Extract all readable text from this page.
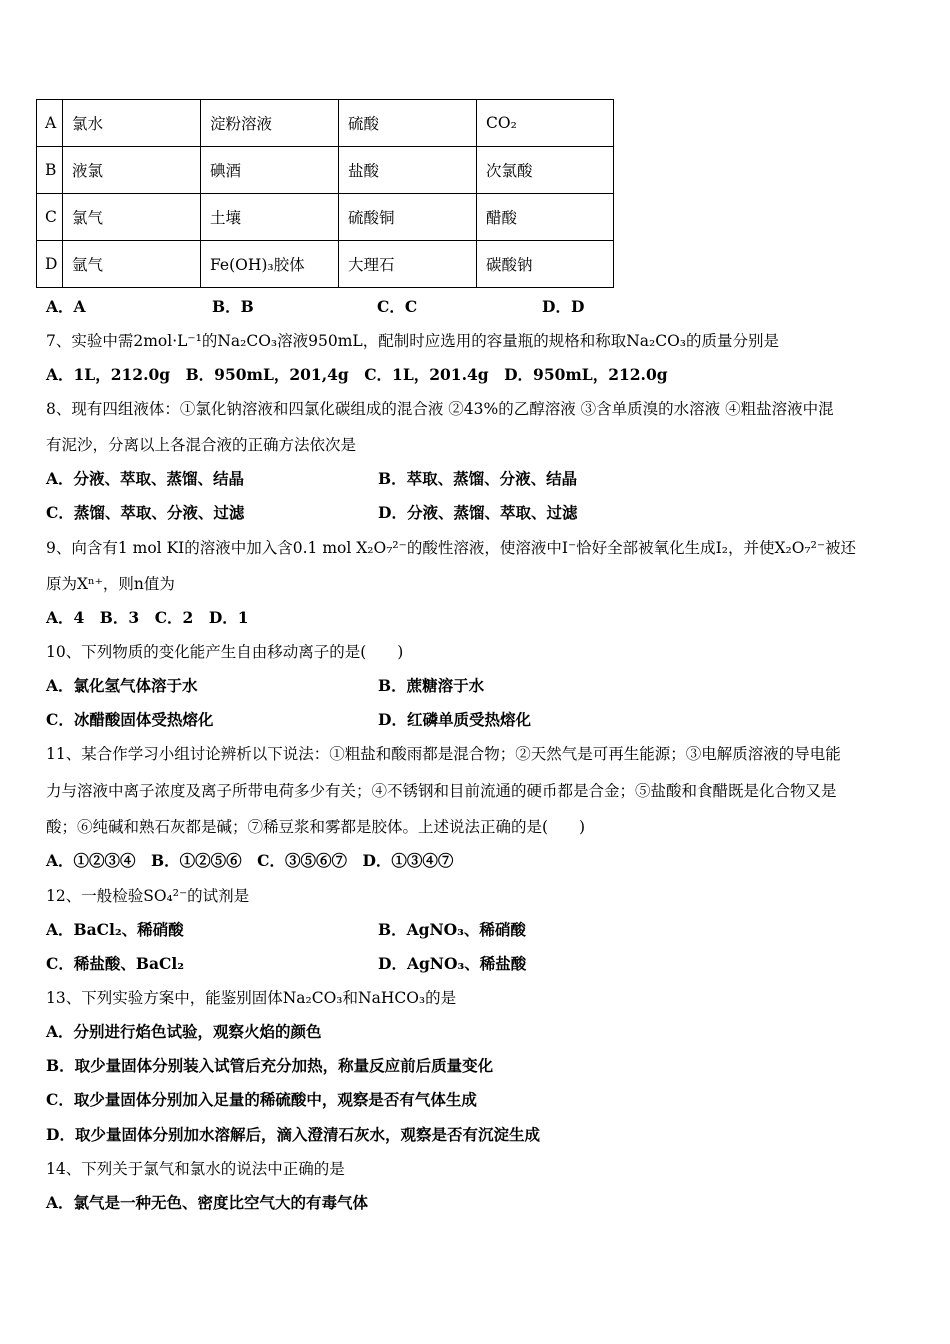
A	氯水	淀粉溶液	硫酸	CO₂
B	液氯	碘酒	盐酸	次氯酸
C	氯气	土壤	硫酸铜	醋酸
D	氩气	Fe(OH)₃胶体	大理石	碳酸钠
A．A	B．B	C．C	D．D
7、实验中需2mol·L⁻¹的Na₂CO₃溶液950mL，配制时应选用的容量瓶的规格和称取Na₂CO₃的质量分别是
A．1L，212.0g　B．950mL，201,4g　C．1L，201.4g　D．950mL，212.0g
8、现有四组液体：①氯化钠溶液和四氯化碳组成的混合液 ②43%的乙醇溶液 ③含单质溴的水溶液 ④粗盐溶液中混
有泥沙，分离以上各混合液的正确方法依次是
A．分液、萃取、蒸馏、结晶	B．萃取、蒸馏、分液、结晶
C．蒸馏、萃取、分液、过滤	D．分液、蒸馏、萃取、过滤
9、向含有1 mol KI的溶液中加入含0.1 mol X₂O₇²⁻的酸性溶液，使溶液中I⁻恰好全部被氧化生成I₂，并使X₂O₇²⁻被还
原为Xⁿ⁺，则n值为
A．4　B．3　C．2　D．1
10、下列物质的变化能产生自由移动离子的是(　　)
A．氯化氢气体溶于水	B．蔗糖溶于水
C．冰醋酸固体受热熔化	D．红磷单质受热熔化
11、某合作学习小组讨论辨析以下说法：①粗盐和酸雨都是混合物；②天然气是可再生能源；③电解质溶液的导电能
力与溶液中离子浓度及离子所带电荷多少有关；④不锈钢和目前流通的硬币都是合金；⑤盐酸和食醋既是化合物又是
酸；⑥纯碱和熟石灰都是碱；⑦稀豆浆和雾都是胶体。上述说法正确的是(　　)
A．①②③④　B．①②⑤⑥　C．③⑤⑥⑦　D．①③④⑦
12、一般检验SO₄²⁻的试剂是
A．BaCl₂、稀硝酸	B．AgNO₃、稀硝酸
C．稀盐酸、BaCl₂	D．AgNO₃、稀盐酸
13、下列实验方案中，能鉴别固体Na₂CO₃和NaHCO₃的是
A．分别进行焰色试验，观察火焰的颜色
B．取少量固体分别装入试管后充分加热，称量反应前后质量变化
C．取少量固体分别加入足量的稀硫酸中，观察是否有气体生成
D．取少量固体分别加水溶解后，滴入澄清石灰水，观察是否有沉淀生成
14、下列关于氯气和氯水的说法中正确的是
A．氯气是一种无色、密度比空气大的有毒气体
